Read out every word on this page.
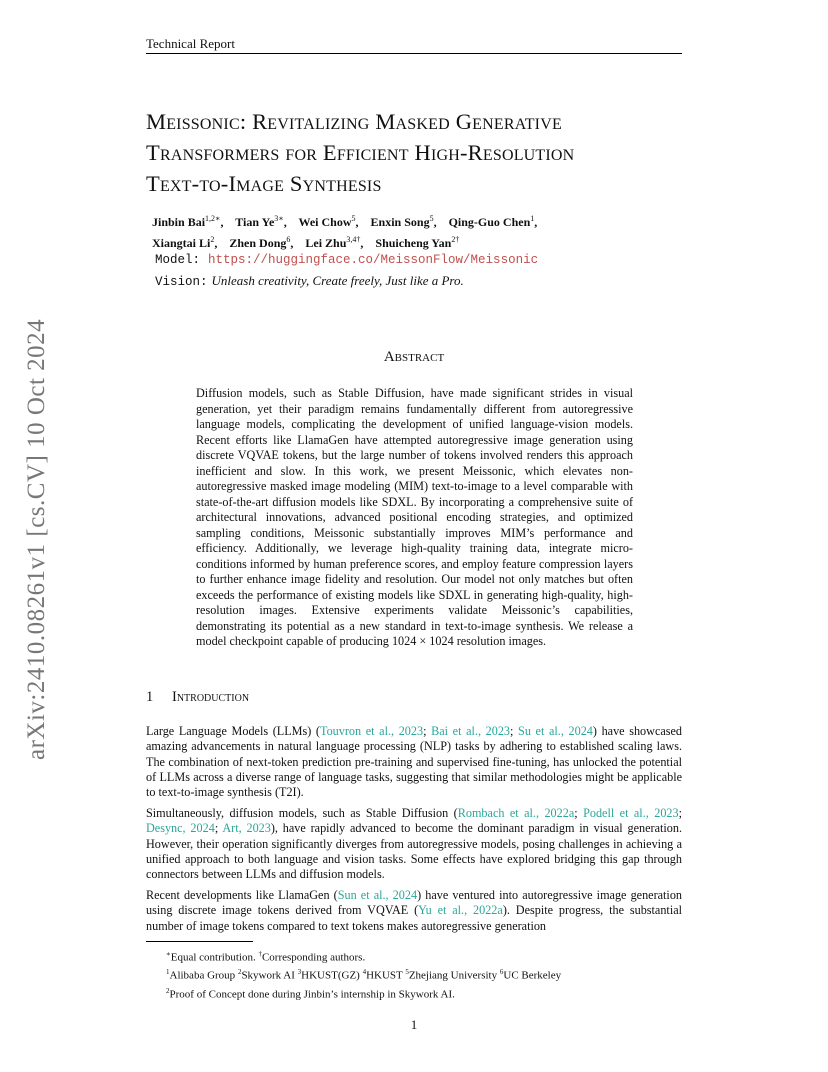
Technical Report
Meissonic: Revitalizing Masked Generative
Transformers for Efficient High-Resolution
Text-to-Image Synthesis
Jinbin Bai$^{1,2∗}$,    Tian $Ye^{3∗}$,    Wei Chow$^5$,    Enxin Song$^5$,    Qing-Guo Chen$^1$,
Xiangtai Li$^2$,    Zhen Dong$^6$,    Lei Zhu$^{3,4\dagger}$,    Shuicheng Yan$^{2\dagger}$
Model: https://huggingface.co/MeissonFlow/Meissonic
Vision: Unleash creativity, Create freely, Just like a Pro.
Abstract
Diffusion models, such as Stable Diffusion, have made significant strides in visual generation, yet their paradigm remains fundamentally different from autoregressive language models, complicating the development of unified language-vision models. Recent efforts like LlamaGen have attempted autoregressive image generation using discrete VQVAE tokens, but the large number of tokens involved renders this approach inefficient and slow. In this work, we present Meissonic, which elevates non-autoregressive masked image modeling (MIM) text-to-image to a level comparable with state-of-the-art diffusion models like SDXL. By incorporating a comprehensive suite of architectural innovations, advanced positional encoding strategies, and optimized sampling conditions, Meissonic substantially improves MIM’s performance and efficiency. Additionally, we leverage high-quality training data, integrate micro-conditions informed by human preference scores, and employ feature compression layers to further enhance image fidelity and resolution. Our model not only matches but often exceeds the performance of existing models like SDXL in generating high-quality, high-resolution images. Extensive experiments validate Meissonic’s capabilities, demonstrating its potential as a new standard in text-to-image synthesis. We release a model checkpoint capable of producing 1024 × 1024 resolution images.
1 Introduction
Large Language Models (LLMs) (Touvron et al., 2023; Bai et al., 2023; Su et al., 2024) have showcased amazing advancements in natural language processing (NLP) tasks by adhering to established scaling laws. The combination of next-token prediction pre-training and supervised fine-tuning, has unlocked the potential of LLMs across a diverse range of language tasks, suggesting that similar methodologies might be applicable to text-to-image synthesis (T2I).
Simultaneously, diffusion models, such as Stable Diffusion (Rombach et al., 2022a; Podell et al., 2023; Desync, 2024; Art, 2023), have rapidly advanced to become the dominant paradigm in visual generation. However, their operation significantly diverges from autoregressive models, posing challenges in achieving a unified approach to both language and vision tasks. Some effects have explored bridging this gap through connectors between LLMs and diffusion models.
Recent developments like LlamaGen (Sun et al., 2024) have ventured into autoregressive image generation using discrete image tokens derived from VQVAE (Yu et al., 2022a). Despite progress, the substantial number of image tokens compared to text tokens makes autoregressive generation
∗Equal contribution. †Corresponding authors.
$^1$Alibaba Group $^2$Skywork AI $^3$HKUST(GZ) $^4$HKUST $^5$Zhejiang University $^6$UC Berkeley
$^2$Proof of Concept done during Jinbin’s internship in Skywork AI.
1
arXiv:2410.08261v1 [cs.CV] 10 Oct 2024
